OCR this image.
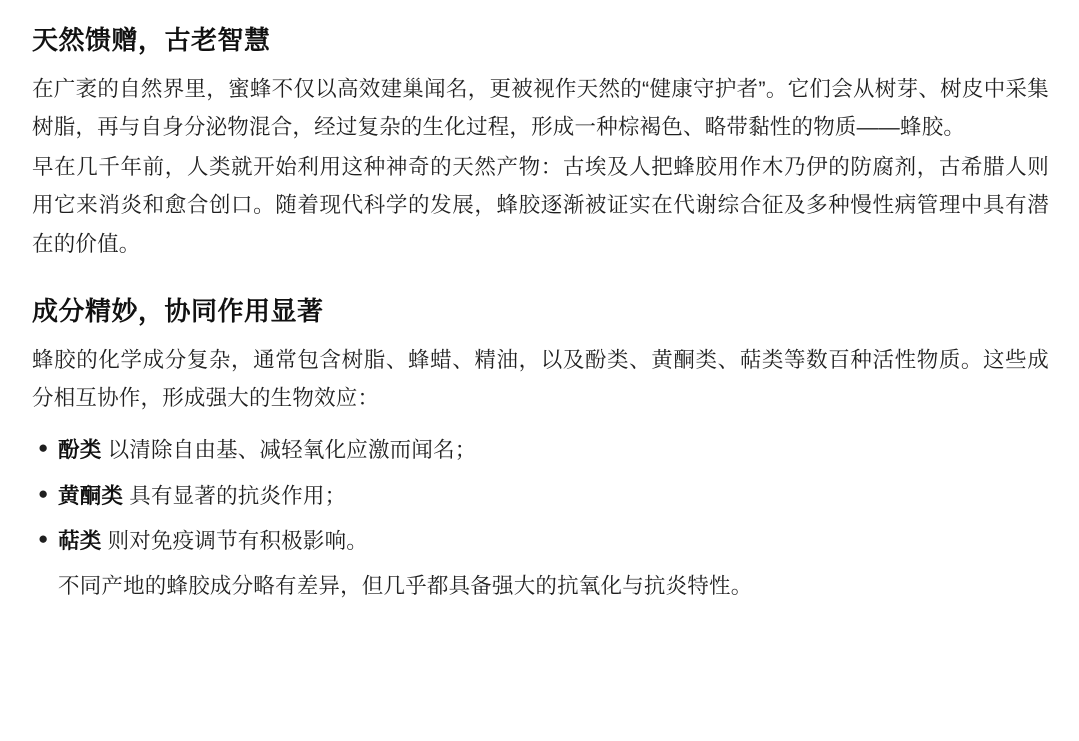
天然馈赠，古老智慧

在广袤的自然界里，蜜蜂不仅以高效建巢闻名，更被视作天然的“健康守护者”。它们会从树芽、树皮中采集树脂，再与自身分泌物混合，经过复杂的生化过程，形成一种棕褐色、略带黏性的物质——蜂胶。

早在几千年前，人类就开始利用这种神奇的天然产物：古埃及人把蜂胶用作木乃伊的防腐剂，古希腊人则用它来消炎和愈合创口。随着现代科学的发展，蜂胶逐渐被证实在代谢综合征及多种慢性病管理中具有潜在的价值。

成分精妙，协同作用显著

蜂胶的化学成分复杂，通常包含树脂、蜂蜡、精油，以及酚类、黄酮类、萜类等数百种活性物质。这些成分相互协作，形成强大的生物效应：

● 酚类 以清除自由基、减轻氧化应激而闻名；
● 黄酮类 具有显著的抗炎作用；
● 萜类 则对免疫调节有积极影响。

不同产地的蜂胶成分略有差异，但几乎都具备强大的抗氧化与抗炎特性。
